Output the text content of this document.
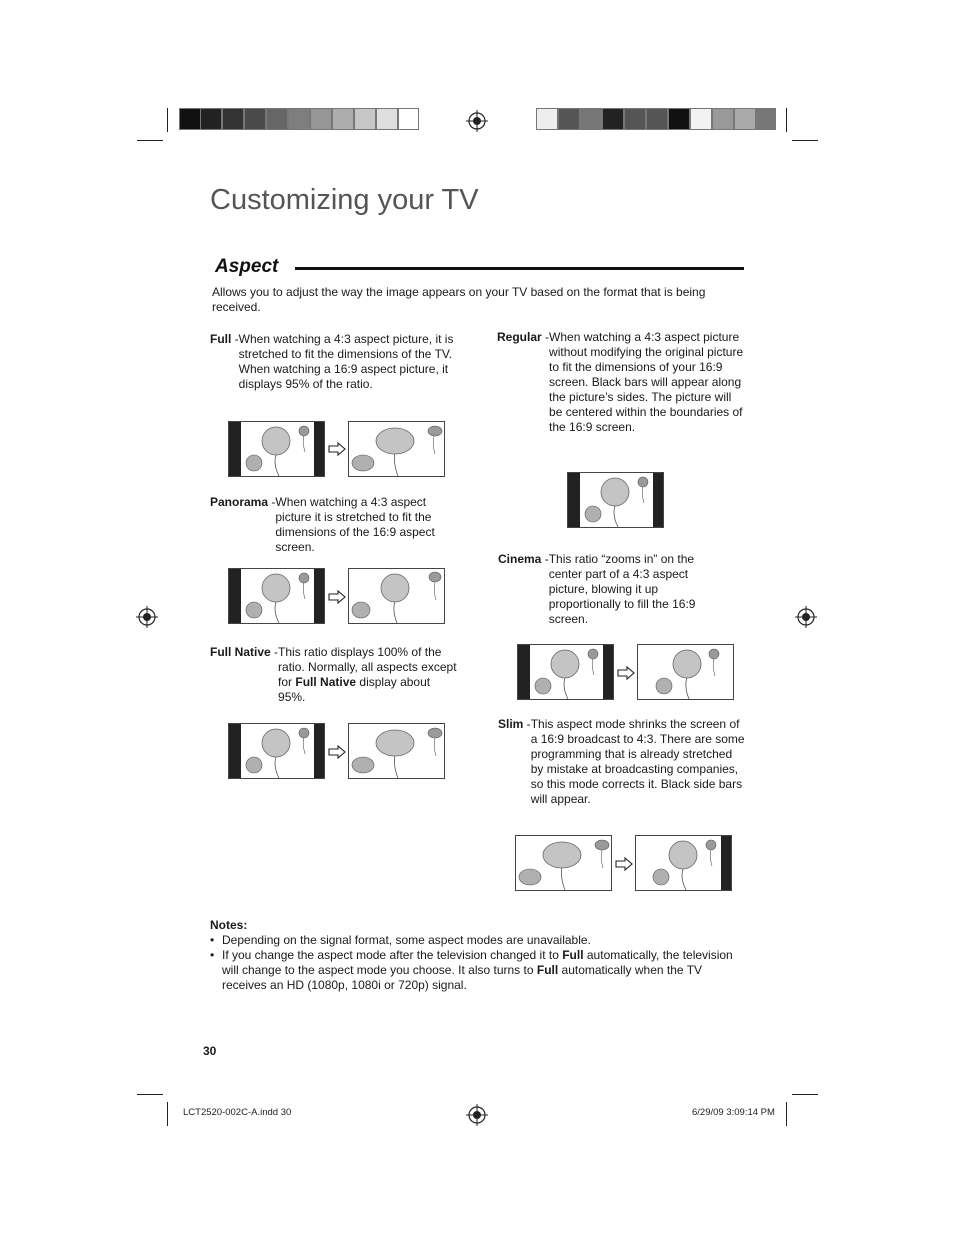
Customizing your TV
Aspect
Allows you to adjust the way the image appears on your TV based on the format that is being received.
Full - When watching a 4:3 aspect picture, it is stretched to fit the dimensions of the TV. When watching a 16:9 aspect picture, it displays 95% of the ratio.
Panorama - When watching a 4:3 aspect picture it is stretched to fit the dimensions of the 16:9 aspect screen.
Full Native - This ratio displays 100% of the ratio. Normally, all aspects except for Full Native display about 95%.
Regular - When watching a 4:3 aspect picture without modifying the original picture to fit the dimensions of your 16:9 screen. Black bars will appear along the picture’s sides. The picture will be centered within the boundaries of the 16:9 screen.
Cinema - This ratio “zooms in” on the center part of a 4:3 aspect picture, blowing it up proportionally to fill the 16:9 screen.
Slim - This aspect mode shrinks the screen of a 16:9 broadcast to 4:3. There are some programming that is already stretched by mistake at broadcasting companies, so this mode corrects it. Black side bars will appear.
Notes:
• Depending on the signal format, some aspect modes are unavailable.
• If you change the aspect mode after the television changed it to Full automatically, the television will change to the aspect mode you choose. It also turns to Full automatically when the TV receives an HD (1080p, 1080i or 720p) signal.
30
LCT2520-002C-A.indd 30	6/29/09 3:09:14 PM
